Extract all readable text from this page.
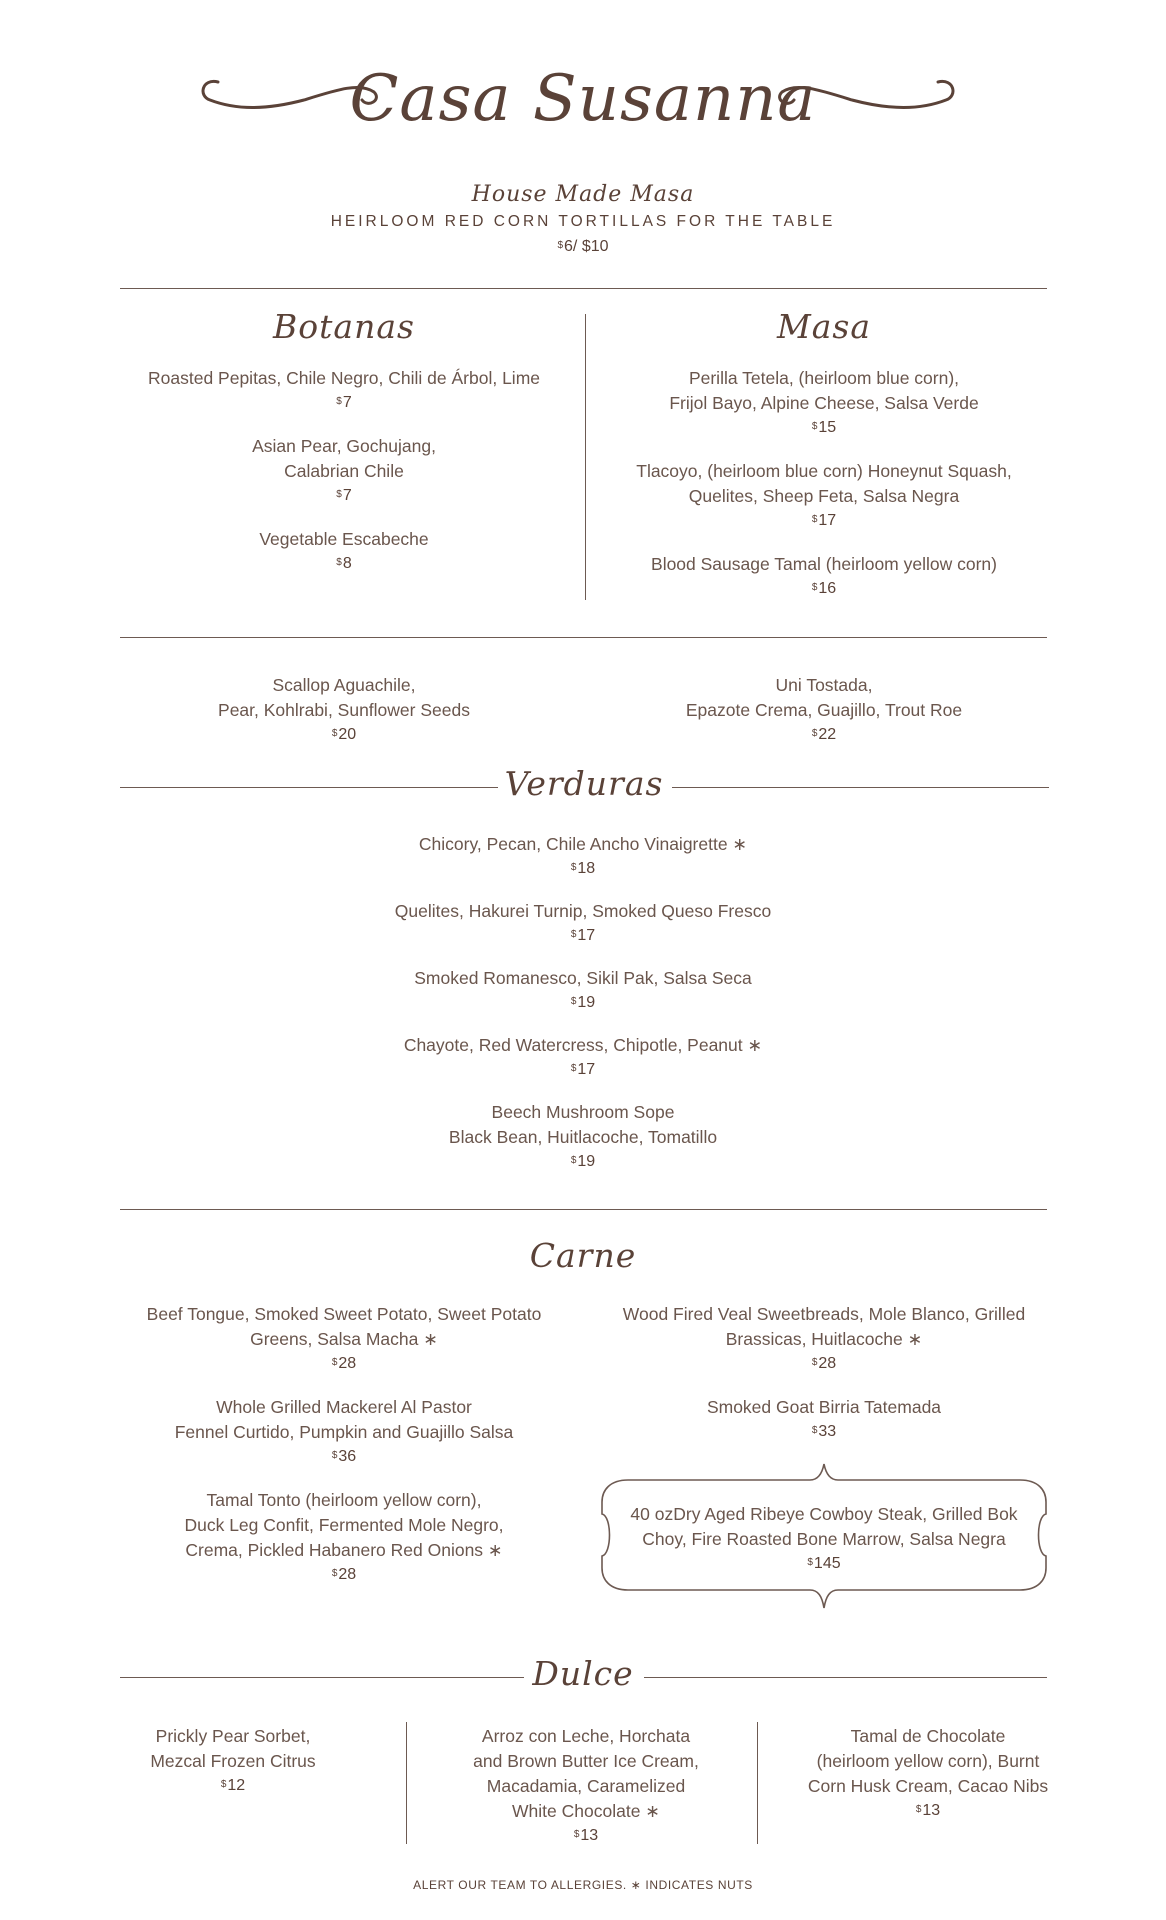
Casa Susanna
House Made Masa
HEIRLOOM RED CORN TORTILLAS FOR THE TABLE
$6/ $10
Botanas
Roasted Pepitas, Chile Negro, Chili de Árbol, Lime
$7
Asian Pear, Gochujang,
Calabrian Chile
$7
Vegetable Escabeche
$8
Masa
Perilla Tetela, (heirloom blue corn),
Frijol Bayo, Alpine Cheese, Salsa Verde
$15
Tlacoyo, (heirloom blue corn) Honeynut Squash,
Quelites, Sheep Feta, Salsa Negra
$17
Blood Sausage Tamal (heirloom yellow corn)
$16
Scallop Aguachile,
Pear, Kohlrabi, Sunflower Seeds
$20
Uni Tostada,
Epazote Crema, Guajillo, Trout Roe
$22
Verduras
Chicory, Pecan, Chile Ancho Vinaigrette ∗
$18
Quelites, Hakurei Turnip, Smoked Queso Fresco
$17
Smoked Romanesco, Sikil Pak, Salsa Seca
$19
Chayote, Red Watercress, Chipotle, Peanut ∗
$17
Beech Mushroom Sope
Black Bean, Huitlacoche, Tomatillo
$19
Carne
Beef Tongue, Smoked Sweet Potato, Sweet Potato
Greens, Salsa Macha ∗
$28
Whole Grilled Mackerel Al Pastor
Fennel Curtido, Pumpkin and Guajillo Salsa
$36
Tamal Tonto (heirloom yellow corn),
Duck Leg Confit, Fermented Mole Negro,
Crema, Pickled Habanero Red Onions ∗
$28
Wood Fired Veal Sweetbreads, Mole Blanco, Grilled
Brassicas, Huitlacoche ∗
$28
Smoked Goat Birria Tatemada
$33
40 ozDry Aged Ribeye Cowboy Steak, Grilled Bok
Choy, Fire Roasted Bone Marrow, Salsa Negra
$145
Dulce
Prickly Pear Sorbet,
Mezcal Frozen Citrus
$12
Arroz con Leche, Horchata
and Brown Butter Ice Cream,
Macadamia, Caramelized
White Chocolate ∗
$13
Tamal de Chocolate
(heirloom yellow corn), Burnt
Corn Husk Cream, Cacao Nibs
$13
ALERT OUR TEAM TO ALLERGIES. ∗ INDICATES NUTS
